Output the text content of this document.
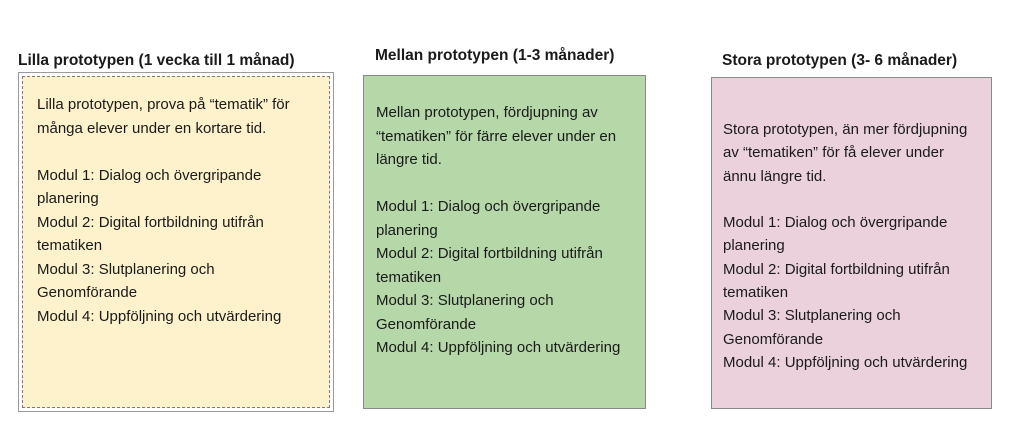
Lilla prototypen (1 vecka till 1 månad)
Lilla prototypen, prova på “tematik” för många elever under en kortare tid.

Modul 1: Dialog och övergripande planering
Modul 2: Digital fortbildning utifrån tematiken
Modul 3: Slutplanering och Genomförande
Modul 4: Uppföljning och utvärdering
Mellan prototypen (1-3 månader)
Mellan prototypen, fördjupning av “tematiken” för färre elever under en längre tid.

Modul 1: Dialog och övergripande planering
Modul 2: Digital fortbildning utifrån tematiken
Modul 3: Slutplanering och Genomförande
Modul 4: Uppföljning och utvärdering
Stora prototypen (3- 6 månader)
Stora prototypen, än mer fördjupning av “tematiken” för få elever under ännu längre tid.

Modul 1: Dialog och övergripande planering
Modul 2: Digital fortbildning utifrån tematiken
Modul 3: Slutplanering och Genomförande
Modul 4: Uppföljning och utvärdering
